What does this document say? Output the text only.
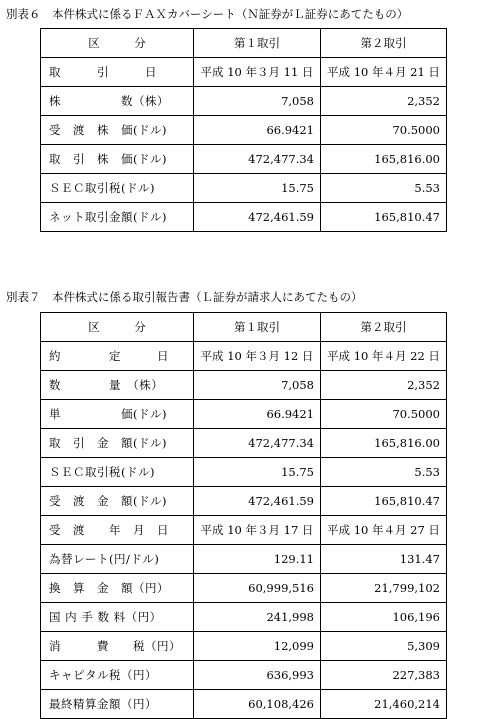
別表６　本件株式に係るＦＡＸカバーシート（Ｎ証券がＬ証券にあてたもの）
区　　　分	第１取引	第２取引
取　　　引　　　日	平成 10 年３月 11 日	平成 10 年４月 21 日
株　　　　　数（株）	7,058	2,352
受　渡　株　価(ドル)	66.9421	70.5000
取　引　株　価(ドル)	472,477.34	165,816.00
ＳＥＣ取引税(ドル)	15.75	5.53
ネット取引金額(ドル)	472,461.59	165,810.47
別表７　本件株式に係る取引報告書（Ｌ証券が請求人にあてたもの）
区　　　分	第１取引	第２取引
約　　　　定　　　日	平成 10 年３月 12 日	平成 10 年４月 22 日
数　　　　量　（株）	7,058	2,352
単　　　　　価(ドル)	66.9421	70.5000
取　引　金　額(ドル)	472,477.34	165,816.00
ＳＥＣ取引税(ドル)	15.75	5.53
受　渡　金　額(ドル)	472,461.59	165,810.47
受　渡　　年　月　日	平成 10 年３月 17 日	平成 10 年４月 27 日
為替レート(円/ドル)	129.11	131.47
換　算　金　額（円）	60,999,516	21,799,102
国 内 手 数 料（円）	241,998	106,196
消　　　費　　税（円）	12,099	5,309
キャピタル税（円）	636,993	227,383
最終精算金額（円）	60,108,426	21,460,214
